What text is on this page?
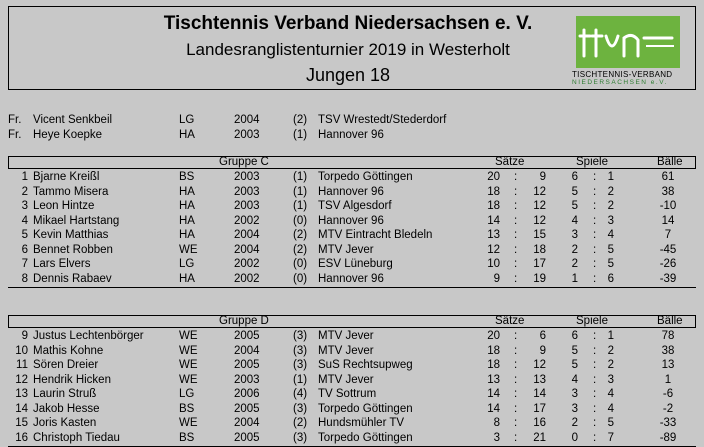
Tischtennis Verband Niedersachsen e. V.
Landesranglistenturnier 2019 in Westerholt
Jungen 18	TISCHTENNIS-VERBAND
NIEDERSACHSEN e.V.
Fr. Vicent Senkbeil	LG	2004	(2) TSV Wrestedt/Stederdorf
Fr. Heye Koepke	HA	2003	(1) Hannover 96
Gruppe C	Sätze	Spiele	Bälle
1 Bjarne Kreißl	BS	2003	(1) Torpedo Göttingen	20 :	9	6 : 1	61
2 Tammo Misera	HA	2003	(1) Hannover 96	18 :	12	5 : 2	38
3 Leon Hintze	HA	2003	(1) TSV Algesdorf	18 :	12	5 : 2	-10
4 Mikael Hartstang	HA	2002	(0) Hannover 96	14 :	12	4 : 3	14
5 Kevin Matthias	HA	2004	(2) MTV Eintracht Bledeln	13 :	15	3 : 4	7
6 Bennet Robben	WE	2004	(2) MTV Jever	12 :	18	2 : 5	-45
7 Lars Elvers	LG	2002	(0) ESV Lüneburg	10 :	17	2 : 5	-26
8 Dennis Rabaev	HA	2002	(0) Hannover 96	9 :	19	1 : 6	-39
Gruppe D	Sätze	Spiele	Bälle
9 Justus Lechtenbörger	WE	2005	(3) MTV Jever	20 :	6	6 : 1	78
10 Mathis Kohne	WE	2004	(3) MTV Jever	18 :	9	5 : 2	38
11 Sören Dreier	WE	2005	(3) SuS Rechtsupweg	18 :	12	5 : 2	13
12 Hendrik Hicken	WE	2003	(1) MTV Jever	13 :	13	4 : 3	1
13 Laurin Struß	LG	2006	(4) TV Sottrum	14 :	14	3 : 4	-6
14 Jakob Hesse	BS	2005	(3) Torpedo Göttingen	14 :	17	3 : 4	-2
15 Joris Kasten	WE	2004	(2) Hundsmühler TV	8 :	16	2 : 5	-33
16 Christoph Tiedau	BS	2005	(3) Torpedo Göttingen	3 :	21	0 : 7	-89
